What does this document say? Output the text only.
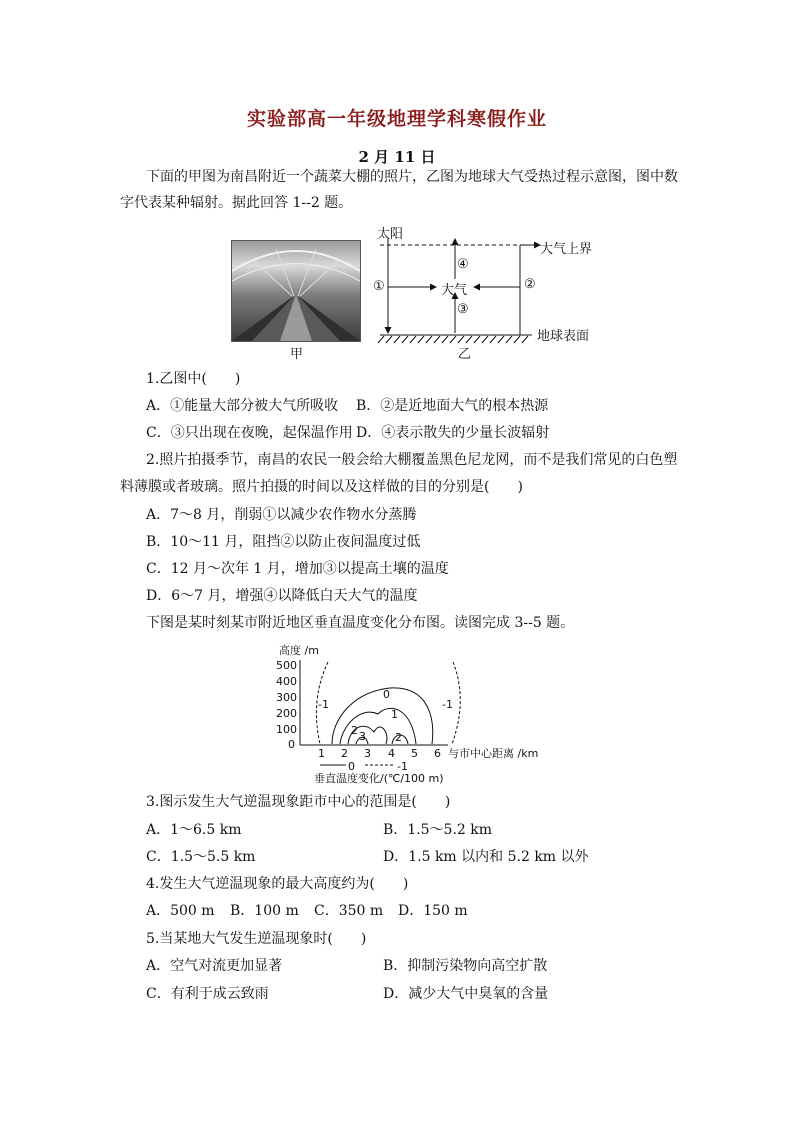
实验部高一年级地理学科寒假作业
2 月 11 日
下面的甲图为南昌附近一个蔬菜大棚的照片，乙图为地球大气受热过程示意图，图中数
字代表某种辐射。据此回答 1--2 题。
甲
太阳
大气上界
地球表面
大气
①	②
③
④
乙
1.乙图中(　　)
A．①能量大部分被大气所吸收 B．②是近地面大气的根本热源
C．③只出现在夜晚，起保温作用 D．④表示散失的少量长波辐射
2.照片拍摄季节，南昌的农民一般会给大棚覆盖黑色尼龙网，而不是我们常见的白色塑
料薄膜或者玻璃。照片拍摄的时间以及这样做的目的分别是(　　)
A．7～8 月，削弱①以减少农作物水分蒸腾
B．10～11 月，阻挡②以防止夜间温度过低
C．12 月～次年 1 月，增加③以提高土壤的温度
D．6～7 月，增强④以降低白天大气的温度
下图是某时刻某市附近地区垂直温度变化分布图。读图完成 3--5 题。
高度 /m
500
400
300
200
100
0
1 2 3 4 5 6 与市中心距离 /km
0	-1
垂直温度变化/(℃/100 m)
-1	-1
0
1
2 3	2
3.图示发生大气逆温现象距市中心的范围是(　　)
A．1～6.5 km	B．1.5～5.2 km
C．1.5～5.5 km	D．1.5 km 以内和 5.2 km 以外
4.发生大气逆温现象的最大高度约为(　　)
A．500 m B．100 m C．350 m D．150 m
5.当某地大气发生逆温现象时(　　)
A．空气对流更加显著	B．抑制污染物向高空扩散
C．有利于成云致雨	D．减少大气中臭氧的含量
